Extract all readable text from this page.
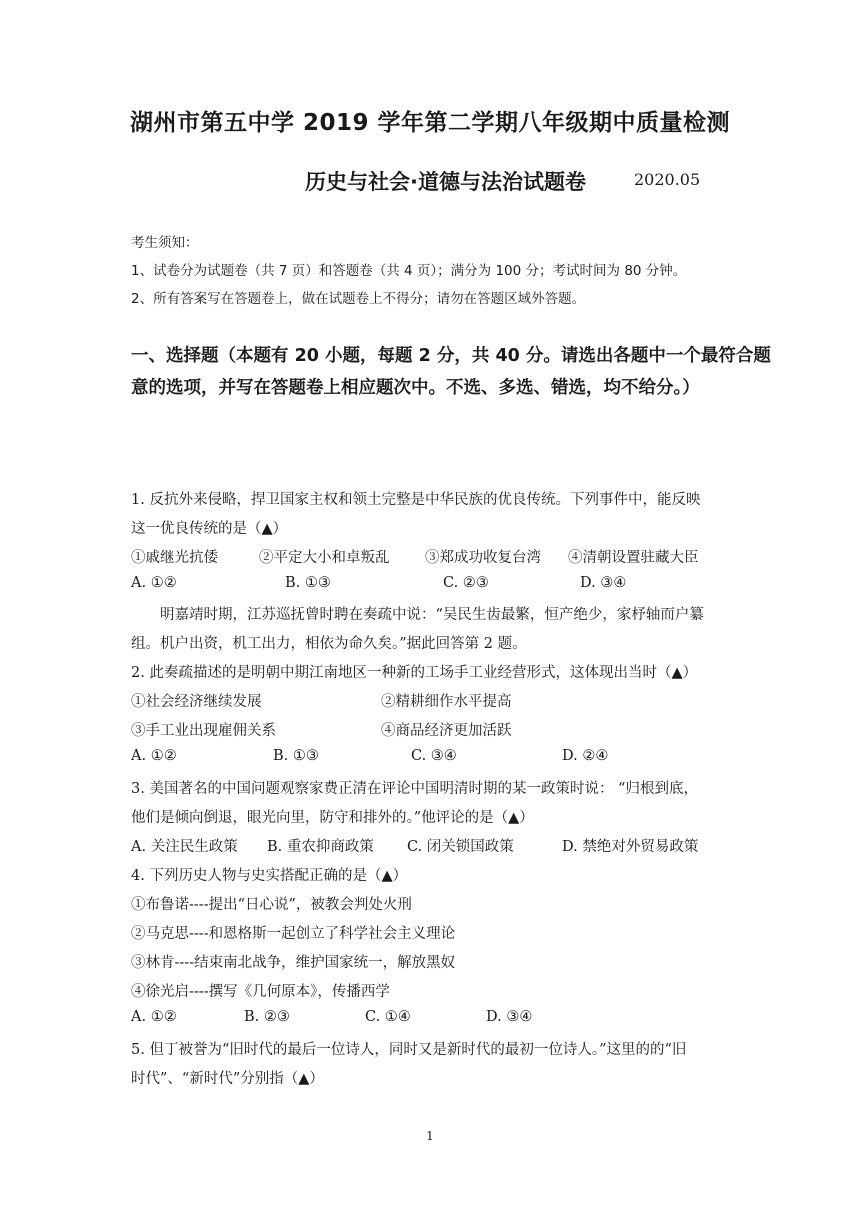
湖州市第五中学 2019 学年第二学期八年级期中质量检测
历史与社会·道德与法治试题卷	2020.05
考生须知：
1、试卷分为试题卷（共 7 页）和答题卷（共 4 页）；满分为 100 分；考试时间为 80 分钟。
2、所有答案写在答题卷上，做在试题卷上不得分；请勿在答题区域外答题。
一、选择题（本题有 20 小题，每题 2 分，共 40 分。请选出各题中一个最符合题
意的选项，并写在答题卷上相应题次中。不选、多选、错选，均不给分。）
1. 反抗外来侵略，捍卫国家主权和领土完整是中华民族的优良传统。下列事件中，能反映
这一优良传统的是（▲）
①戚继光抗倭	②平定大小和卓叛乱 ③郑成功收复台湾 ④清朝设置驻藏大臣
A. ①②	B. ①③	C. ②③	D. ③④
明嘉靖时期，江苏巡抚曾时聘在奏疏中说：“吴民生齿最繁，恒产绝少，家杼轴而户纂
组。机户出资，机工出力，相依为命久矣。”据此回答第 2 题。
2. 此奏疏描述的是明朝中期江南地区一种新的工场手工业经营形式，这体现出当时（▲）
①社会经济继续发展	②精耕细作水平提高
③手工业出现雇佣关系	④商品经济更加活跃
A. ①②	B. ①③	C. ③④	D. ②④
3. 美国著名的中国问题观察家费正清在评论中国明清时期的某一政策时说： “归根到底，
他们是倾向倒退，眼光向里，防守和排外的。”他评论的是（▲）
A. 关注民生政策 B. 重农抑商政策 C. 闭关锁国政策	D. 禁绝对外贸易政策
4. 下列历史人物与史实搭配正确的是（▲）
①布鲁诺----提出“日心说”，被教会判处火刑
②马克思----和恩格斯一起创立了科学社会主义理论
③林肯----结束南北战争，维护国家统一，解放黑奴
④徐光启----撰写《几何原本》，传播西学
A. ①②	B. ②③	C. ①④	D. ③④
5. 但丁被誉为“旧时代的最后一位诗人，同时又是新时代的最初一位诗人。”这里的的“旧
时代”、“新时代”分别指（▲）
1
